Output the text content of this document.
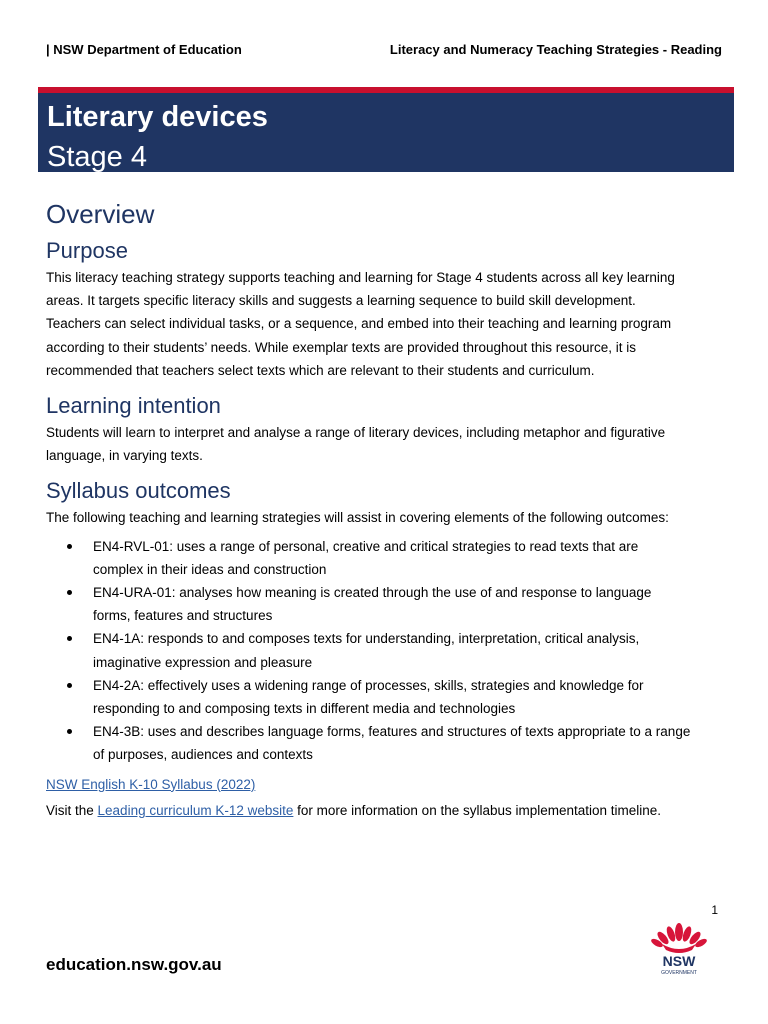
| NSW Department of Education	Literacy and Numeracy Teaching Strategies - Reading
Literary devices
Stage 4
Overview
Purpose

This literacy teaching strategy supports teaching and learning for Stage 4 students across all key learning

areas. It targets specific literacy skills and suggests a learning sequence to build skill development.

Teachers can select individual tasks, or a sequence, and embed into their teaching and learning program

according to their students’ needs. While exemplar texts are provided throughout this resource, it is

recommended that teachers select texts which are relevant to their students and curriculum.

Learning intention

Students will learn to interpret and analyse a range of literary devices, including metaphor and figurative

language, in varying texts.

Syllabus outcomes

The following teaching and learning strategies will assist in covering elements of the following outcomes:

EN4-RVL-01: uses a range of personal, creative and critical strategies to read texts that are
complex in their ideas and construction
EN4-URA-01: analyses how meaning is created through the use of and response to language
forms, features and structures
EN4-1A: responds to and composes texts for understanding, interpretation, critical analysis,
imaginative expression and pleasure
EN4-2A: effectively uses a widening range of processes, skills, strategies and knowledge for
responding to and composing texts in different media and technologies
EN4-3B: uses and describes language forms, features and structures of texts appropriate to a range
of purposes, audiences and contexts

NSW English K-10 Syllabus (2022)

Visit the Leading curriculum K-12 website for more information on the syllabus implementation timeline.

1
education.nsw.gov.au	NSW
GOVERNMENT
